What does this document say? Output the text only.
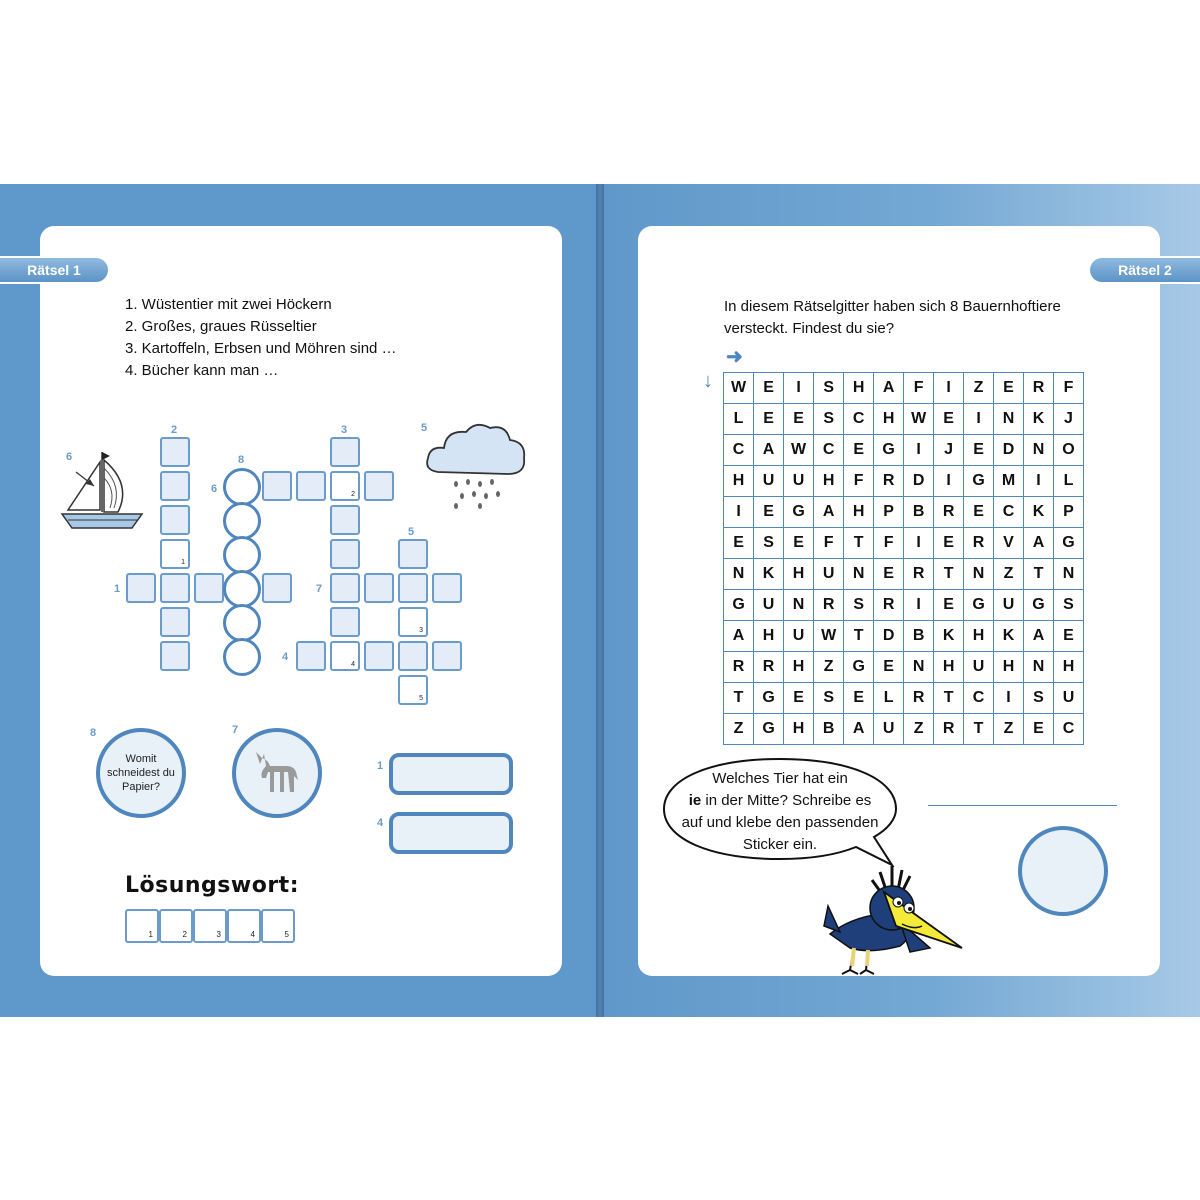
Rätsel 1	Rätsel 2
1. Wüstentier mit zwei Höckern
2. Großes, graues Rüsseltier
3. Kartoffeln, Erbsen und Möhren sind …
4. Bücher kann man …
2
1
1
8
6	2
3
4
7
5
3
5
4
6
5
8
Womit schneidest du Papier?
7
1
4
Lösungswort:
1	2	3	4	5
In diesem Rätselgitter haben sich 8 Bauernhoftiere versteckt. Findest du sie?
➜
↓ W	E	I	S	H	A	F	I	Z	E	R	F
L	E	E	S	C	H	W	E	I	N	K	J
C	A	W	C	E	G	I	J	E	D	N	O
H	U	U	H	F	R	D	I	G	M	I	L
I	E	G	A	H	P	B	R	E	C	K	P
E	S	E	F	T	F	I	E	R	V	A	G
N	K	H	U	N	E	R	T	N	Z	T	N
G	U	N	R	S	R	I	E	G	U	G	S
A	H	U	W	T	D	B	K	H	K	A	E
R	R	H	Z	G	E	N	H	U	H	N	H
T	G	E	S	E	L	R	T	C	I	S	U
Z	G	H	B	A	U	Z	R	T	Z	E	C
Welches Tier hat ein
ie in der Mitte? Schreibe es
auf und klebe den passenden
Sticker ein.
